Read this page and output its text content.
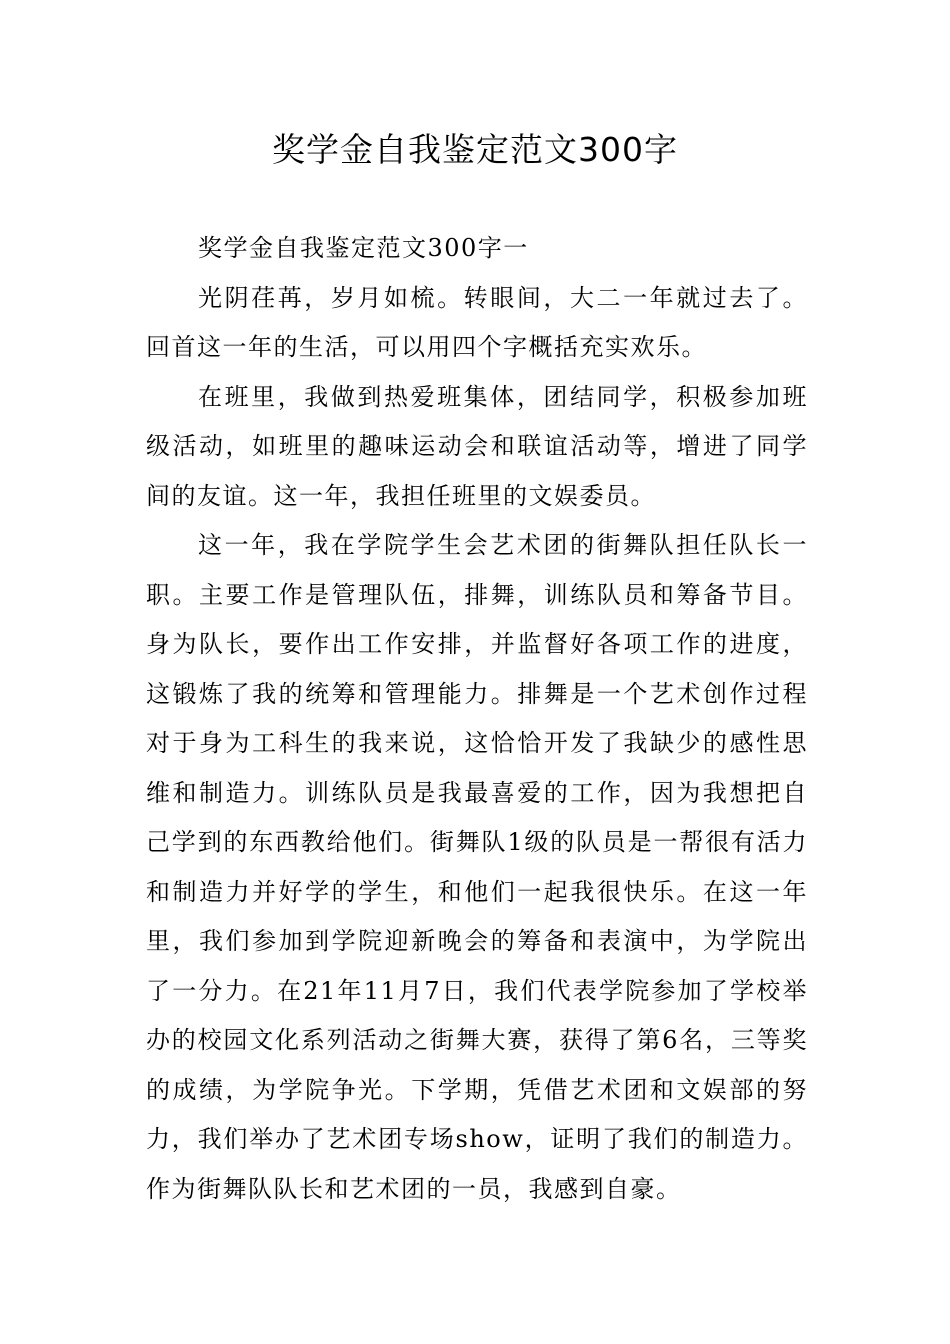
奖学金自我鉴定范文300字

奖学金自我鉴定范文300字一

光阴荏苒，岁月如梳。转眼间，大二一年就过去了。回首这一年的生活，可以用四个字概括充实欢乐。

在班里，我做到热爱班集体，团结同学，积极参加班级活动，如班里的趣味运动会和联谊活动等，增进了同学间的友谊。这一年，我担任班里的文娱委员。

这一年，我在学院学生会艺术团的街舞队担任队长一职。主要工作是管理队伍，排舞，训练队员和筹备节目。身为队长，要作出工作安排，并监督好各项工作的进度，这锻炼了我的统筹和管理能力。排舞是一个艺术创作过程对于身为工科生的我来说，这恰恰开发了我缺少的感性思维和制造力。训练队员是我最喜爱的工作，因为我想把自己学到的东西教给他们。街舞队1级的队员是一帮很有活力和制造力并好学的学生，和他们一起我很快乐。在这一年里，我们参加到学院迎新晚会的筹备和表演中，为学院出了一分力。在21年11月7日，我们代表学院参加了学校举办的校园文化系列活动之街舞大赛，获得了第6名，三等奖的成绩，为学院争光。下学期，凭借艺术团和文娱部的努力，我们举办了艺术团专场show，证明了我们的制造力。作为街舞队队长和艺术团的一员，我感到自豪。
